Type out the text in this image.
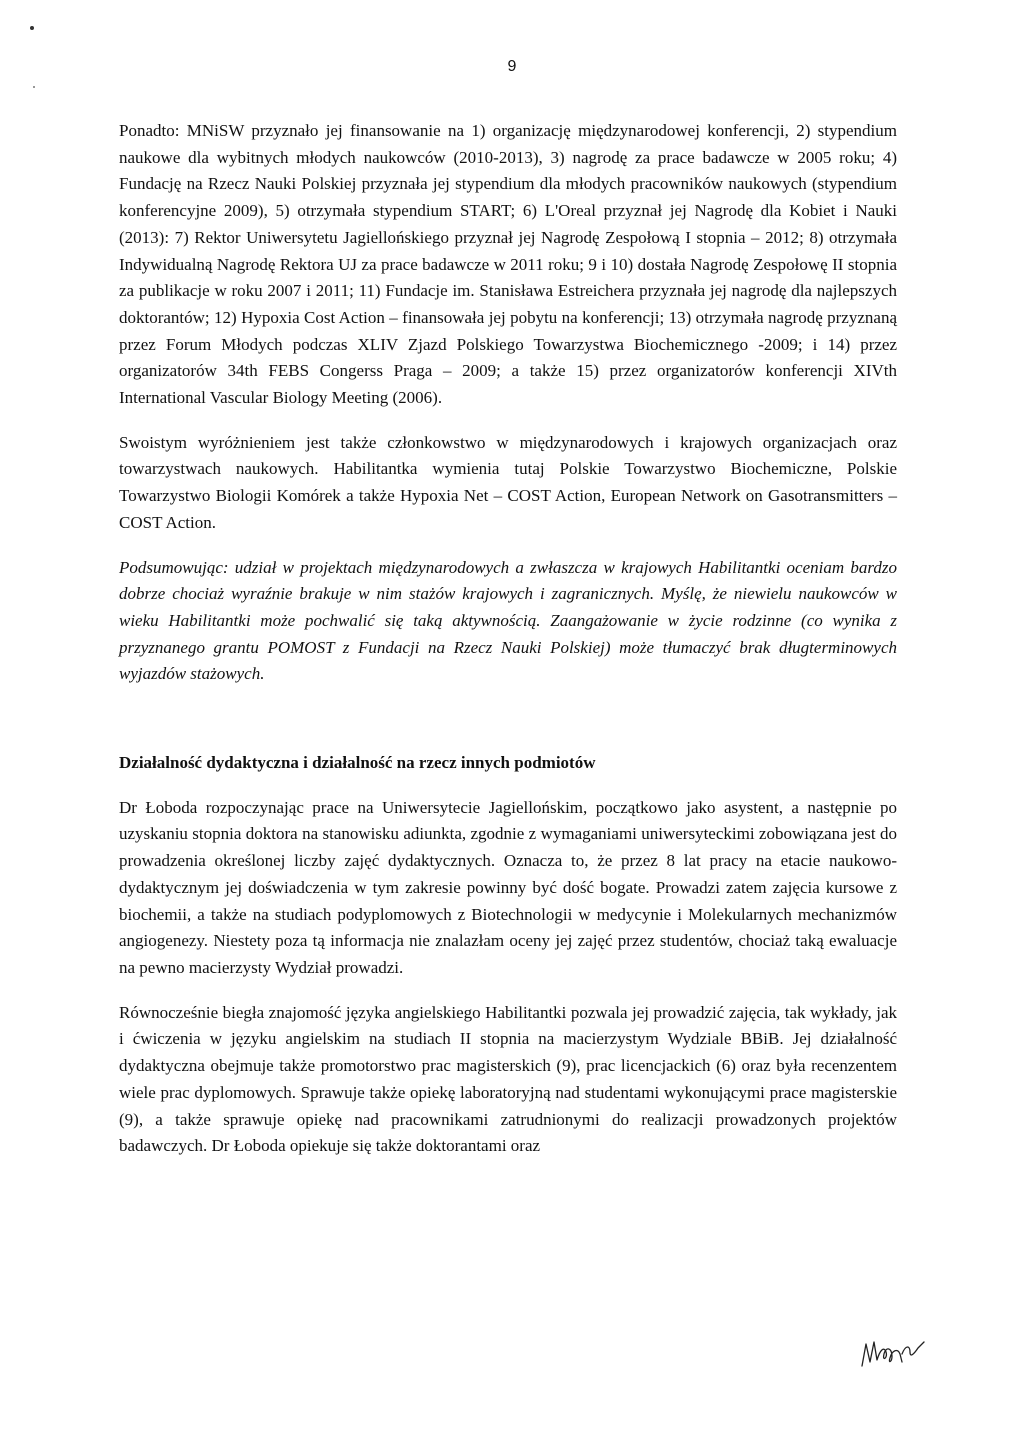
9

Ponadto: MNiSW przyznało jej finansowanie na 1) organizację międzynarodowej konferencji, 2) stypendium naukowe dla wybitnych młodych naukowców (2010-2013), 3) nagrodę za prace badawcze w 2005 roku; 4) Fundację na Rzecz Nauki Polskiej przyznała jej stypendium dla młodych pracowników naukowych (stypendium konferencyjne 2009), 5) otrzymała stypendium START; 6) L'Oreal przyznał jej Nagrodę dla Kobiet i Nauki (2013): 7) Rektor Uniwersytetu Jagiellońskiego przyznał jej Nagrodę Zespołową I stopnia – 2012; 8) otrzymała Indywidualną Nagrodę Rektora UJ za prace badawcze w 2011 roku; 9 i 10) dostała Nagrodę Zespołowę II stopnia za publikacje w roku 2007 i 2011; 11) Fundacje im. Stanisława Estreichera przyznała jej nagrodę dla najlepszych doktorantów; 12) Hypoxia Cost Action – finansowała jej pobytu na konferencji; 13) otrzymała nagrodę przyznaną przez Forum Młodych podczas XLIV Zjazd Polskiego Towarzystwa Biochemicznego -2009; i 14) przez organizatorów 34th FEBS Congerss Praga – 2009; a także 15) przez organizatorów konferencji XIVth International Vascular Biology Meeting (2006).

Swoistym wyróżnieniem jest także członkowstwo w międzynarodowych i krajowych organizacjach oraz towarzystwach naukowych. Habilitantka wymienia tutaj Polskie Towarzystwo Biochemiczne, Polskie Towarzystwo Biologii Komórek a także Hypoxia Net – COST Action, European Network on Gasotransmitters – COST Action.

Podsumowując: udział w projektach międzynarodowych a zwłaszcza w krajowych Habilitantki oceniam bardzo dobrze chociaż wyraźnie brakuje w nim stażów krajowych i zagranicznych. Myślę, że niewielu naukowców w wieku Habilitantki może pochwalić się taką aktywnością. Zaangażowanie w życie rodzinne (co wynika z przyznanego grantu POMOST z Fundacji na Rzecz Nauki Polskiej) może tłumaczyć brak długterminowych wyjazdów stażowych.

Działalność dydaktyczna i działalność na rzecz innych podmiotów

Dr Łoboda rozpoczynając prace na Uniwersytecie Jagiellońskim, początkowo jako asystent, a następnie po uzyskaniu stopnia doktora na stanowisku adiunkta, zgodnie z wymaganiami uniwersyteckimi zobowiązana jest do prowadzenia określonej liczby zajęć dydaktycznych. Oznacza to, że przez 8 lat pracy na etacie naukowo-dydaktycznym jej doświadczenia w tym zakresie powinny być dość bogate. Prowadzi zatem zajęcia kursowe z biochemii, a także na studiach podyplomowych z Biotechnologii w medycynie i Molekularnych mechanizmów angiogenezy. Niestety poza tą informacja nie znalazłam oceny jej zajęć przez studentów, chociaż taką ewaluacje na pewno macierzysty Wydział prowadzi.

Równocześnie biegła znajomość języka angielskiego Habilitantki pozwala jej prowadzić zajęcia, tak wykłady, jak i ćwiczenia w języku angielskim na studiach II stopnia na macierzystym Wydziale BBiB. Jej działalność dydaktyczna obejmuje także promotorstwo prac magisterskich (9), prac licencjackich (6) oraz była recenzentem wiele prac dyplomowych. Sprawuje także opiekę laboratoryjną nad studentami wykonującymi prace magisterskie (9), a także sprawuje opiekę nad pracownikami zatrudnionymi do realizacji prowadzonych projektów badawczych. Dr Łoboda opiekuje się także doktorantami oraz
